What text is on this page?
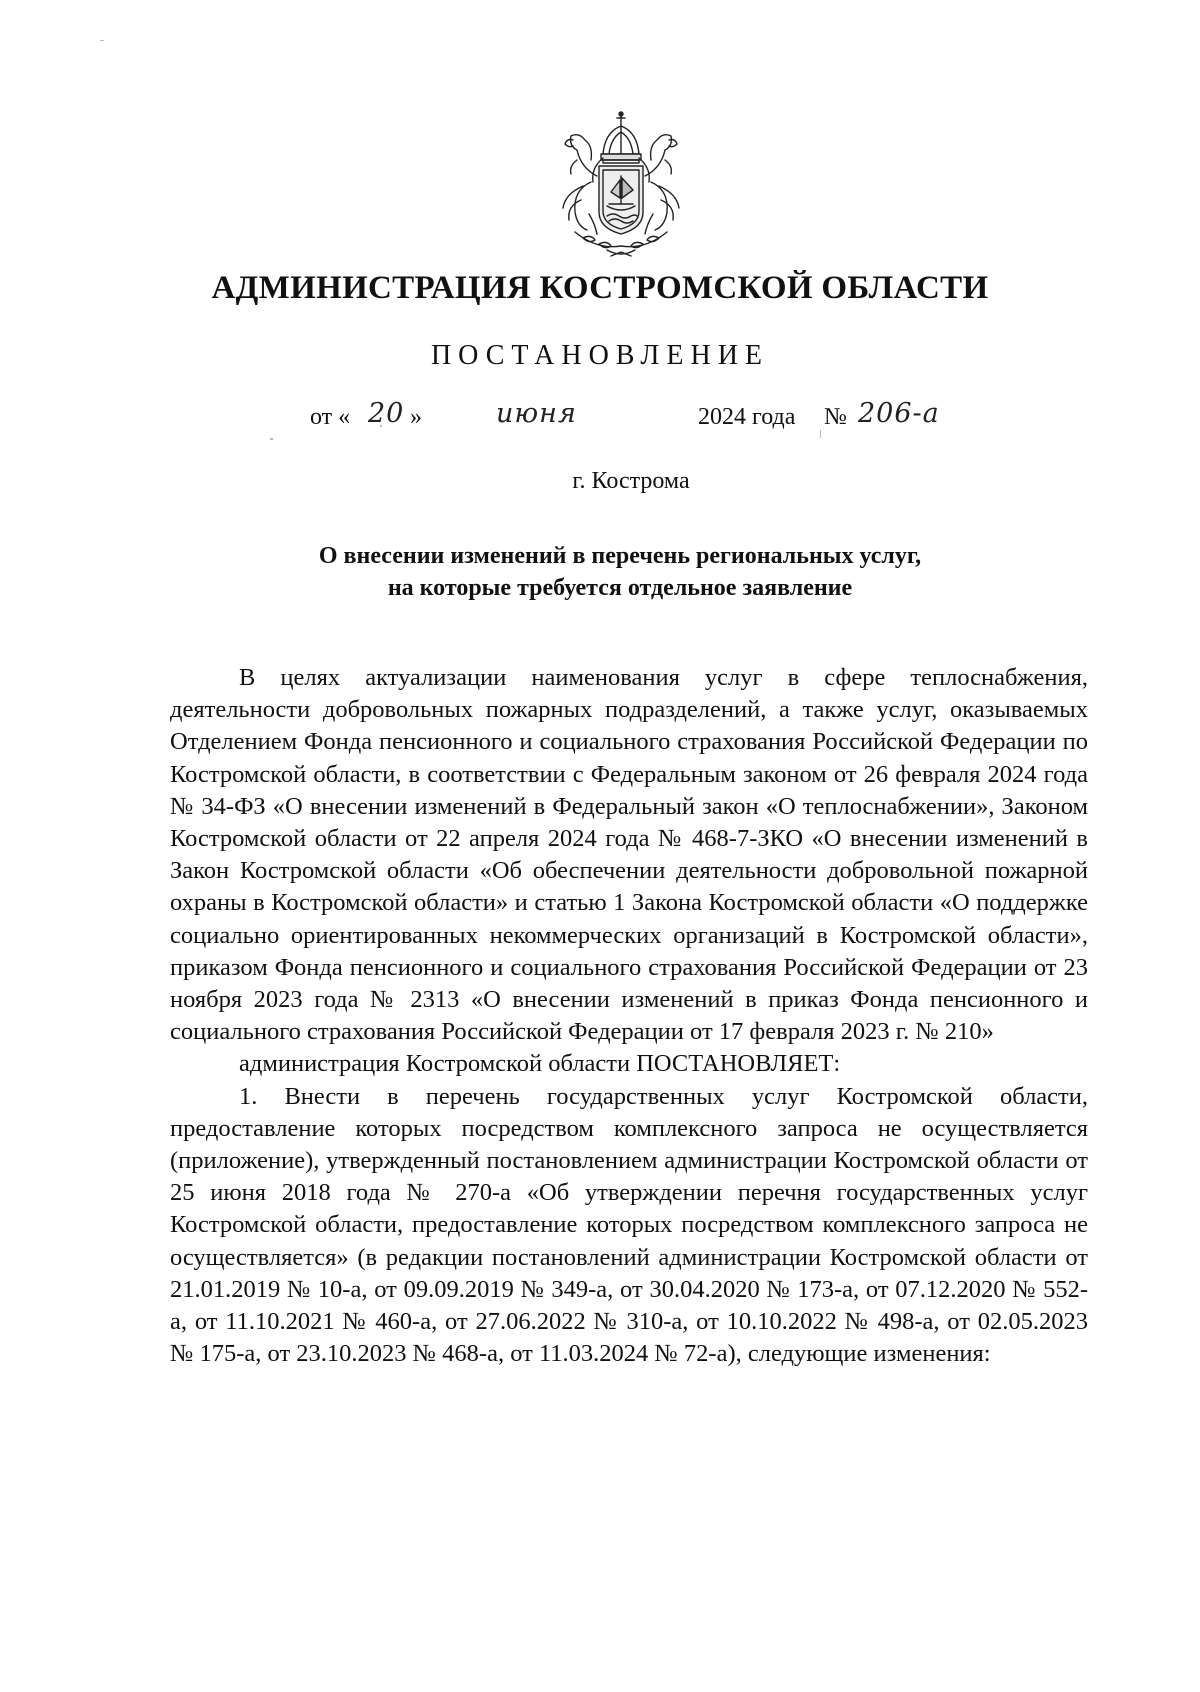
АДМИНИСТРАЦИЯ КОСТРОМСКОЙ ОБЛАСТИ
ПОСТАНОВЛЕНИЕ
от « 20 »	июня	2024 года № 206-а
г. Кострома
О внесении изменений в перечень региональных услуг,
на которые требуется отдельное заявление

В целях актуализации наименования услуг в сфере теплоснабжения, деятельности добровольных пожарных подразделений, а также услуг, оказываемых Отделением Фонда пенсионного и социального страхования Российской Федерации по Костромской области, в соответствии с Федеральным законом от 26 февраля 2024 года № 34-ФЗ «О внесении изменений в Федеральный закон «О теплоснабжении», Законом Костромской области от 22 апреля 2024 года № 468-7-ЗКО «О внесении изменений в Закон Костромской области «Об обеспечении деятельности добровольной пожарной охраны в Костромской области» и статью 1 Закона Костромской области «О поддержке социально ориентированных некоммерческих организаций в Костромской области», приказом Фонда пенсионного и социального страхования Российской Федерации от 23 ноября 2023 года № 2313 «О внесении изменений в приказ Фонда пенсионного и социального страхования Российской Федерации от 17 февраля 2023 г. № 210»

администрация Костромской области ПОСТАНОВЛЯЕТ:

1. Внести в перечень государственных услуг Костромской области, предоставление которых посредством комплексного запроса не осуществляется (приложение), утвержденный постановлением администрации Костромской области от 25 июня 2018 года № 270-а «Об утверждении перечня государственных услуг Костромской области, предоставление которых посредством комплексного запроса не осуществляется» (в редакции постановлений администрации Костромской области от 21.01.2019 № 10-а, от 09.09.2019 № 349-а, от 30.04.2020 № 173-а, от 07.12.2020 № 552-а, от 11.10.2021 № 460-а, от 27.06.2022 № 310-а, от 10.10.2022 № 498-а, от 02.05.2023 № 175-а, от 23.10.2023 № 468-а, от 11.03.2024 № 72-а), следующие изменения:
